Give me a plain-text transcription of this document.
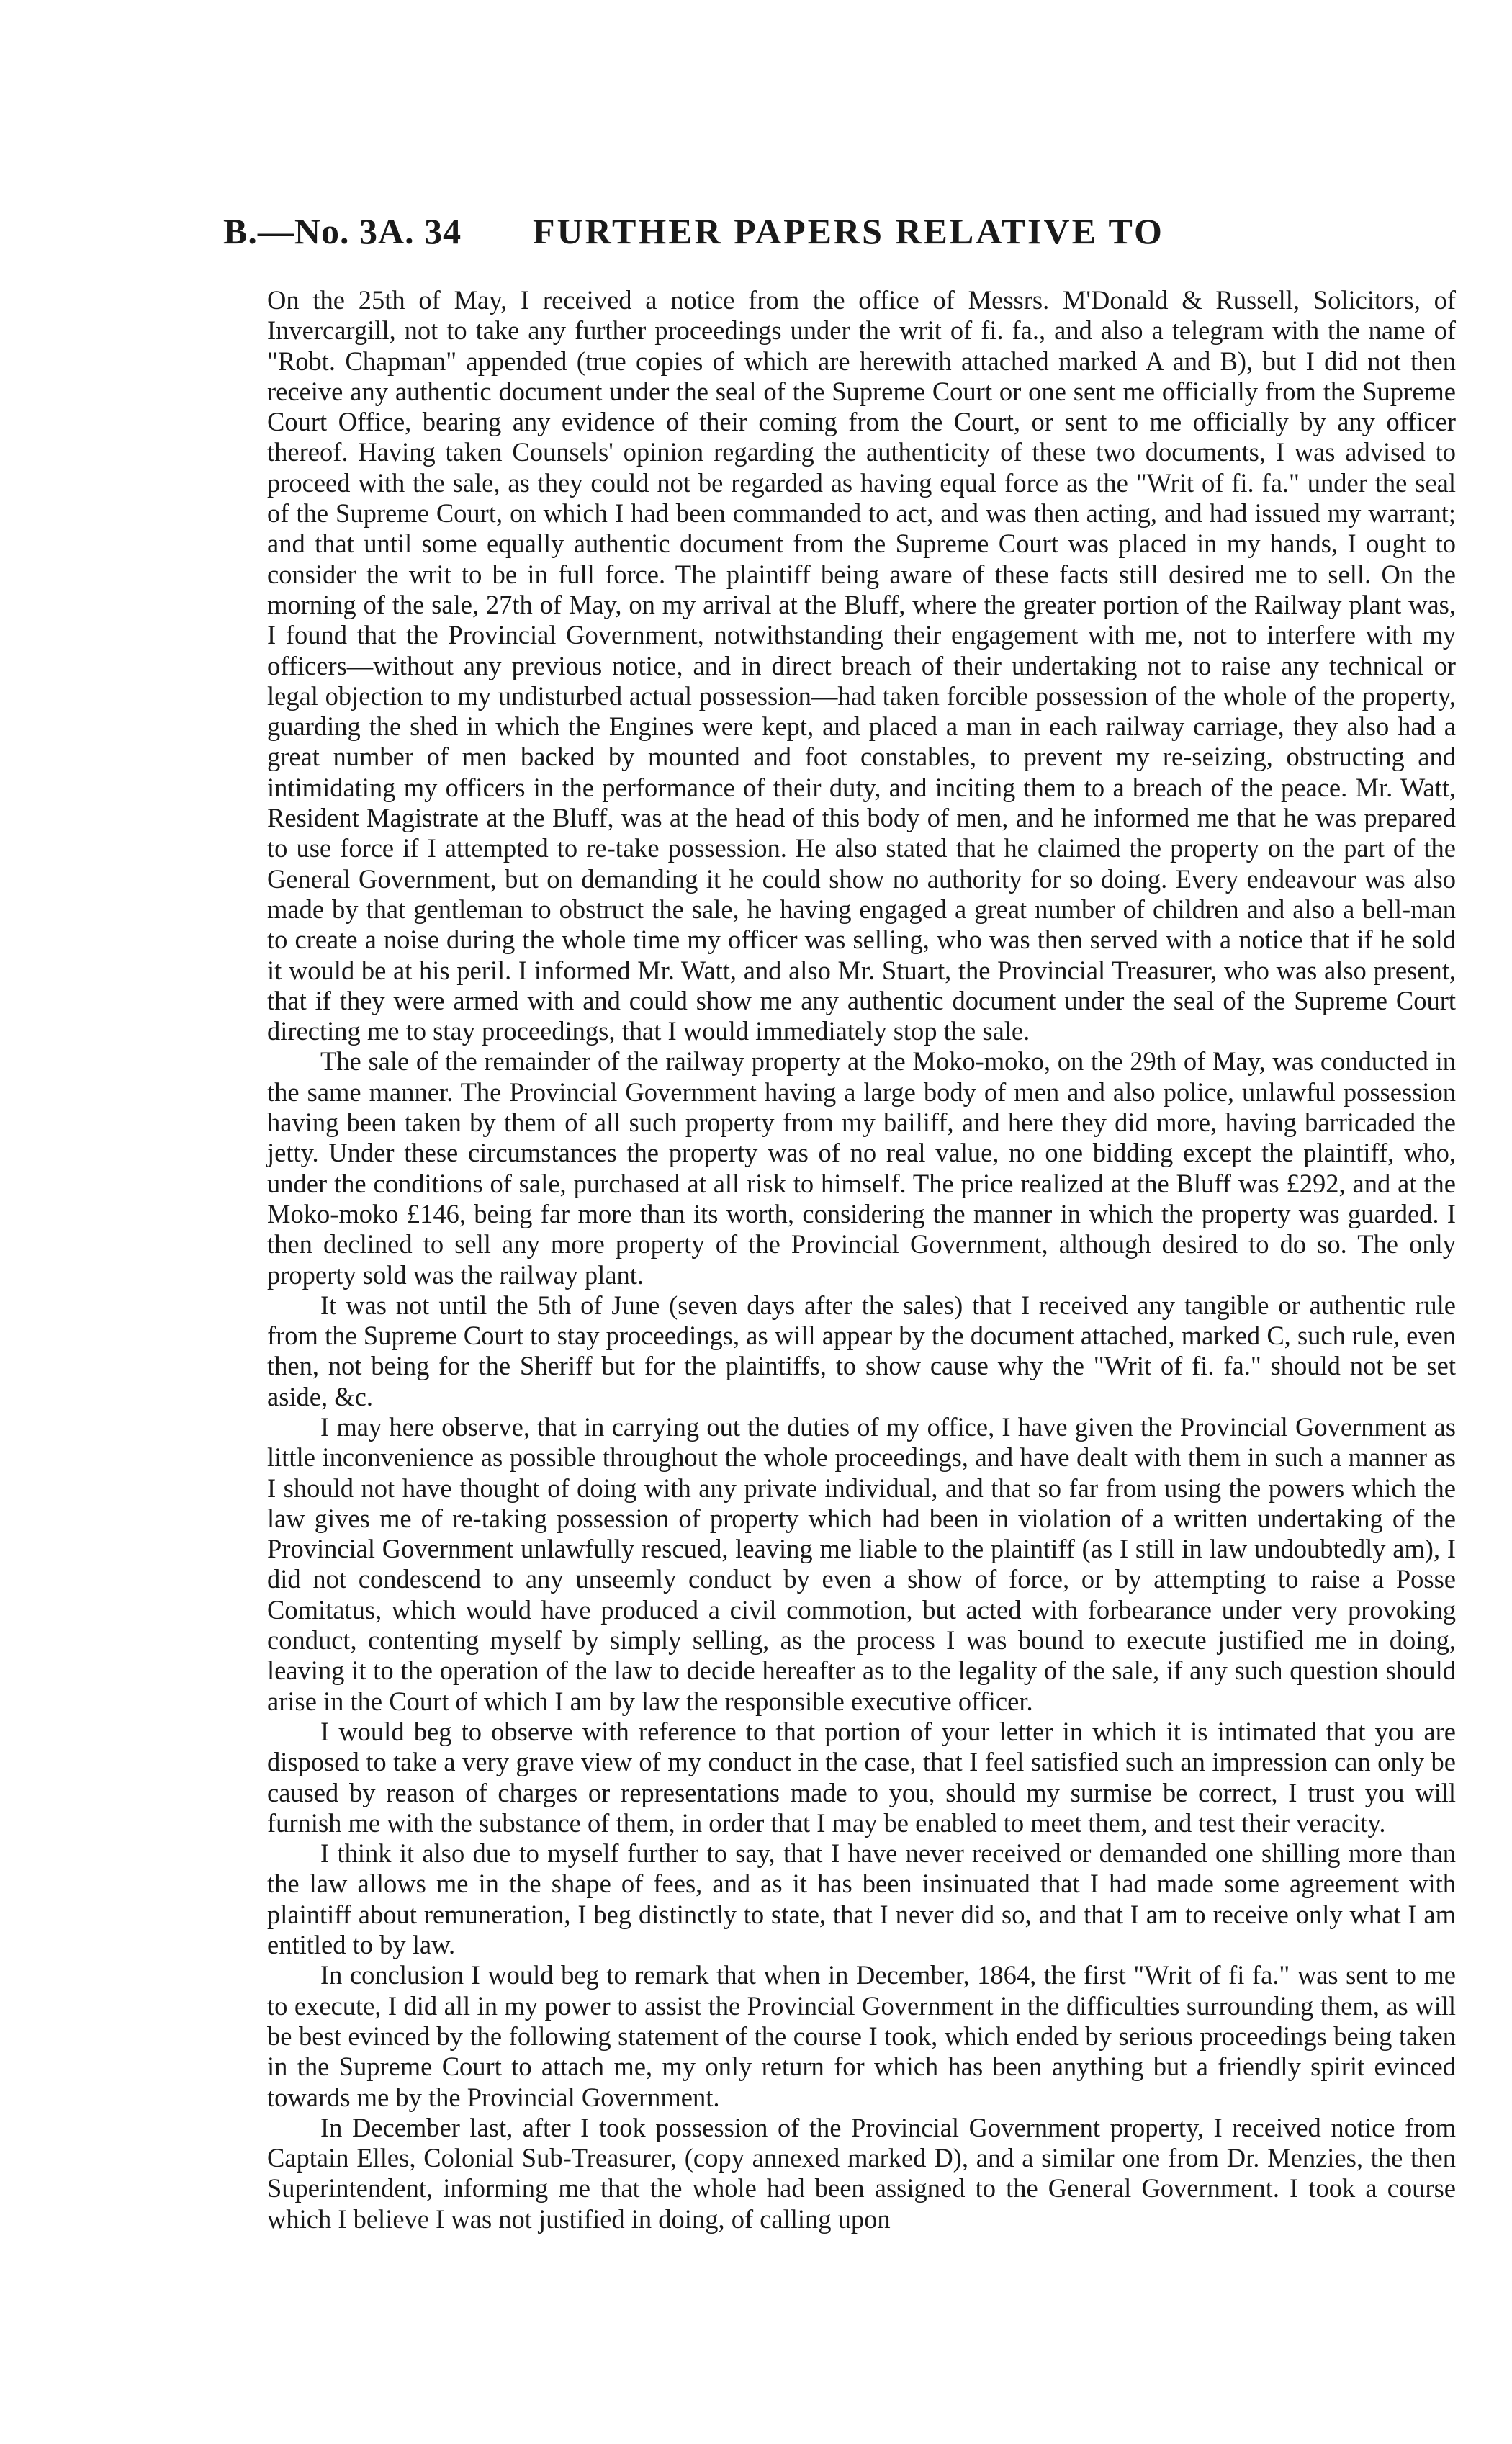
B.—No. 3A. 34 FURTHER PAPERS RELATIVE TO

On the 25th of May, I received a notice from the office of Messrs. M'Donald & Russell, Solicitors, of Invercargill, not to take any further proceedings under the writ of fi. fa., and also a telegram with the name of "Robt. Chapman" appended (true copies of which are herewith attached marked A and B), but I did not then receive any authentic document under the seal of the Supreme Court or one sent me officially from the Supreme Court Office, bearing any evidence of their coming from the Court, or sent to me officially by any officer thereof. Having taken Counsels' opinion regarding the authenticity of these two documents, I was advised to proceed with the sale, as they could not be regarded as having equal force as the "Writ of fi. fa." under the seal of the Supreme Court, on which I had been commanded to act, and was then acting, and had issued my warrant; and that until some equally authentic document from the Supreme Court was placed in my hands, I ought to consider the writ to be in full force. The plaintiff being aware of these facts still desired me to sell. On the morning of the sale, 27th of May, on my arrival at the Bluff, where the greater portion of the Railway plant was, I found that the Provincial Government, notwithstanding their engagement with me, not to interfere with my officers—without any previous notice, and in direct breach of their undertaking not to raise any technical or legal objection to my undisturbed actual possession—had taken forcible possession of the whole of the property, guarding the shed in which the Engines were kept, and placed a man in each railway carriage, they also had a great number of men backed by mounted and foot constables, to prevent my re-seizing, obstructing and intimidating my officers in the performance of their duty, and inciting them to a breach of the peace. Mr. Watt, Resident Magistrate at the Bluff, was at the head of this body of men, and he informed me that he was prepared to use force if I attempted to re-take possession. He also stated that he claimed the property on the part of the General Government, but on demanding it he could show no authority for so doing. Every endeavour was also made by that gentleman to obstruct the sale, he having engaged a great number of children and also a bell-man to create a noise during the whole time my officer was selling, who was then served with a notice that if he sold it would be at his peril. I informed Mr. Watt, and also Mr. Stuart, the Provincial Treasurer, who was also present, that if they were armed with and could show me any authentic document under the seal of the Supreme Court directing me to stay proceedings, that I would immediately stop the sale.

The sale of the remainder of the railway property at the Moko-moko, on the 29th of May, was conducted in the same manner. The Provincial Government having a large body of men and also police, unlawful possession having been taken by them of all such property from my bailiff, and here they did more, having barricaded the jetty. Under these circumstances the property was of no real value, no one bidding except the plaintiff, who, under the conditions of sale, purchased at all risk to himself. The price realized at the Bluff was £292, and at the Moko-moko £146, being far more than its worth, considering the manner in which the property was guarded. I then declined to sell any more property of the Provincial Government, although desired to do so. The only property sold was the railway plant.

It was not until the 5th of June (seven days after the sales) that I received any tangible or authentic rule from the Supreme Court to stay proceedings, as will appear by the document attached, marked C, such rule, even then, not being for the Sheriff but for the plaintiffs, to show cause why the "Writ of fi. fa." should not be set aside, &c.

I may here observe, that in carrying out the duties of my office, I have given the Provincial Government as little inconvenience as possible throughout the whole proceedings, and have dealt with them in such a manner as I should not have thought of doing with any private individual, and that so far from using the powers which the law gives me of re-taking possession of property which had been in violation of a written undertaking of the Provincial Government unlawfully rescued, leaving me liable to the plaintiff (as I still in law undoubtedly am), I did not condescend to any unseemly conduct by even a show of force, or by attempting to raise a Posse Comitatus, which would have produced a civil commotion, but acted with forbearance under very provoking conduct, contenting myself by simply selling, as the process I was bound to execute justified me in doing, leaving it to the operation of the law to decide hereafter as to the legality of the sale, if any such question should arise in the Court of which I am by law the responsible executive officer.

I would beg to observe with reference to that portion of your letter in which it is intimated that you are disposed to take a very grave view of my conduct in the case, that I feel satisfied such an impression can only be caused by reason of charges or representations made to you, should my surmise be correct, I trust you will furnish me with the substance of them, in order that I may be enabled to meet them, and test their veracity.

I think it also due to myself further to say, that I have never received or demanded one shilling more than the law allows me in the shape of fees, and as it has been insinuated that I had made some agreement with plaintiff about remuneration, I beg distinctly to state, that I never did so, and that I am to receive only what I am entitled to by law.

In conclusion I would beg to remark that when in December, 1864, the first "Writ of fi fa." was sent to me to execute, I did all in my power to assist the Provincial Government in the difficulties surrounding them, as will be best evinced by the following statement of the course I took, which ended by serious proceedings being taken in the Supreme Court to attach me, my only return for which has been anything but a friendly spirit evinced towards me by the Provincial Government.

In December last, after I took possession of the Provincial Government property, I received notice from Captain Elles, Colonial Sub-Treasurer, (copy annexed marked D), and a similar one from Dr. Menzies, the then Superintendent, informing me that the whole had been assigned to the General Government. I took a course which I believe I was not justified in doing, of calling upon
